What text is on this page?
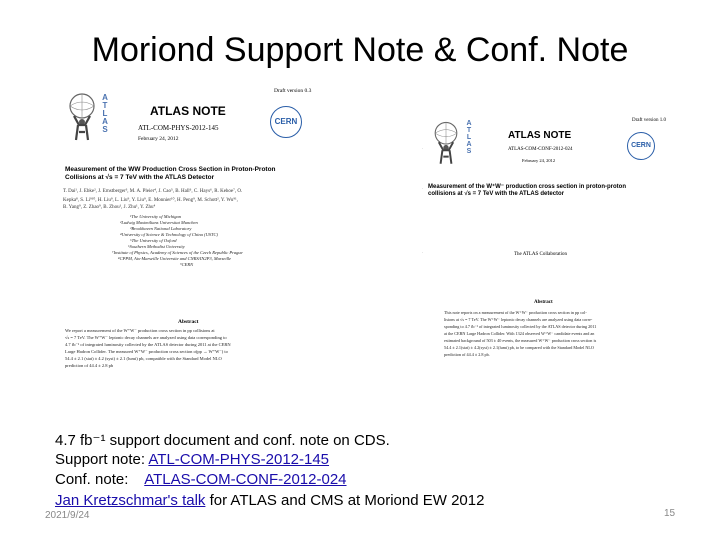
Moriond Support Note & Conf. Note
A
T
L
A
S
Draft version 0.3
ATLAS NOTE
ATL-COM-PHYS-2012-145
February 24, 2012
CERN
Measurement of the WW Production Cross Section in Proton-Proton
Collisions at √s = 7 TeV with the ATLAS Detector
T. Dai¹, J. Ebke², J. Ernstberger³, M. A. Pleier⁴, J. Cao⁵, B. Hall⁶, C. Hays⁶, R. Kehoe⁷, O.
Kepka⁸, S. Li⁹¹⁰, H. Liu⁹, L. Liu⁹, Y. Liu⁹, E. Monnier¹⁰, H. Peng⁹, M. Schott², Y. Wu⁹¹,
B. Yang⁹, Z. Zhao⁹, B. Zhou¹, J. Zhu¹, Y. Zhu⁴
¹The University of Michigan
²Ludwig Maximilians Universitat Munchen
³Brookhaven National Laboratory
⁴University of Science & Technology of China (USTC)
⁵The University of Oxford
⁶Southern Methodist University
⁷Institute of Physics, Academy of Sciences of the Czech Republic Prague
⁸CPPM, Aix-Marseille Universite and CNRS/IN2P3, Marseille
⁹CERN
Abstract
We report a measurement of the W⁺W⁻ production cross section in pp collisions at
√s = 7 TeV. The W⁺W⁻ leptonic decay channels are analyzed using data corresponding to
4.7 fb⁻¹ of integrated luminosity collected by the ATLAS detector during 2011 at the CERN
Large Hadron Collider. The measured W⁺W⁻ production cross section σ(pp → W⁺W⁻) to
54.4 ± 2.1 (stat) ± 4.2 (syst) ± 2.1 (lumi) pb, compatible with the Standard Model NLO
prediction of 44.4 ± 2.8 pb
A
T
L
A
S
Draft version 1.0
ATLAS NOTE
ATLAS-COM-CONF-2012-024
February 24, 2012
CERN
Measurement of the W⁺W⁻ production cross section in proton-proton
collisions at √s = 7 TeV with the ATLAS detector
·
·
·	The ATLAS Collaboration
Abstract
This note reports on a measurement of the W⁺W⁻ production cross section in pp col-
lisions at √s = 7 TeV. The W⁺W⁻ leptonic decay channels are analyzed using data corre-
sponding to 4.7 fb⁻¹ of integrated luminosity collected by the ATLAS detector during 2011
at the CERN Large Hadron Collider. With 1324 observed W⁺W⁻ candidate events and an
estimated background of 503 ± 40 events, the measured W⁺W⁻ production cross section is
54.4 ± 2.1(stat) ± 4.2(syst) ± 2.1(lumi) pb, to be compared with the Standard Model NLO
prediction of 44.4 ± 2.8 pb.
4.7 fb⁻¹ support document and conf. note on CDS.
Support note: ATL-COM-PHYS-2012-145
Conf. note:    ATLAS-COM-CONF-2012-024
Jan Kretzschmar's talk for ATLAS and CMS at Moriond EW 2012
2021/9/24	15
